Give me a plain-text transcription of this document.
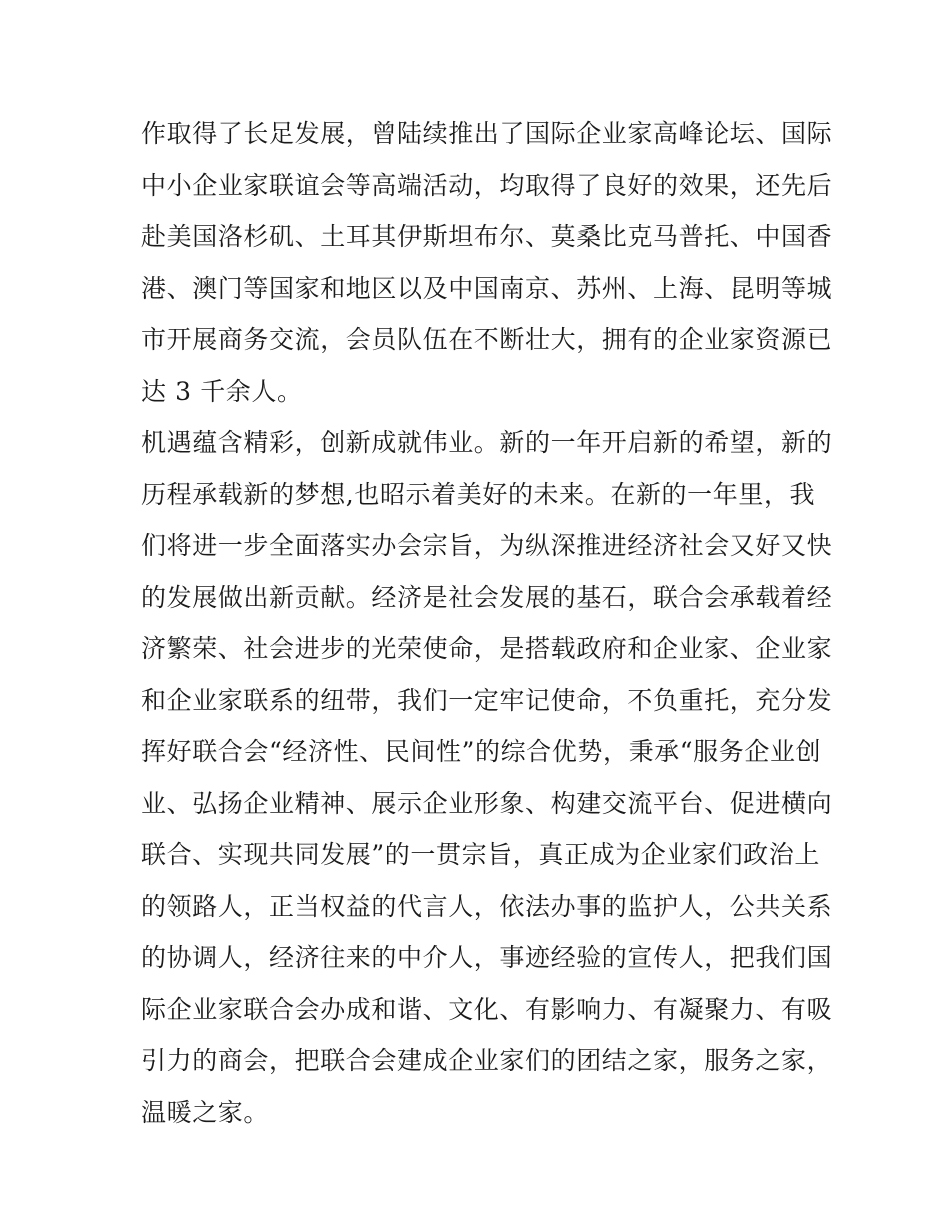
作取得了长足发展，曾陆续推出了国际企业家高峰论坛、国际
中小企业家联谊会等高端活动，均取得了良好的效果，还先后
赴美国洛杉矶、土耳其伊斯坦布尔、莫桑比克马普托、中国香
港、澳门等国家和地区以及中国南京、苏州、上海、昆明等城
市开展商务交流，会员队伍在不断壮大，拥有的企业家资源已
达 3 千余人。
机遇蕴含精彩，创新成就伟业。新的一年开启新的希望，新的
历程承载新的梦想,也昭示着美好的未来。在新的一年里，我
们将进一步全面落实办会宗旨，为纵深推进经济社会又好又快
的发展做出新贡献。经济是社会发展的基石，联合会承载着经
济繁荣、社会进步的光荣使命，是搭载政府和企业家、企业家
和企业家联系的纽带，我们一定牢记使命，不负重托，充分发
挥好联合会“经济性、民间性”的综合优势，秉承“服务企业创
业、弘扬企业精神、展示企业形象、构建交流平台、促进横向
联合、实现共同发展”的一贯宗旨，真正成为企业家们政治上
的领路人，正当权益的代言人，依法办事的监护人，公共关系
的协调人，经济往来的中介人，事迹经验的宣传人，把我们国
际企业家联合会办成和谐、文化、有影响力、有凝聚力、有吸
引力的商会，把联合会建成企业家们的团结之家，服务之家，
温暖之家。
